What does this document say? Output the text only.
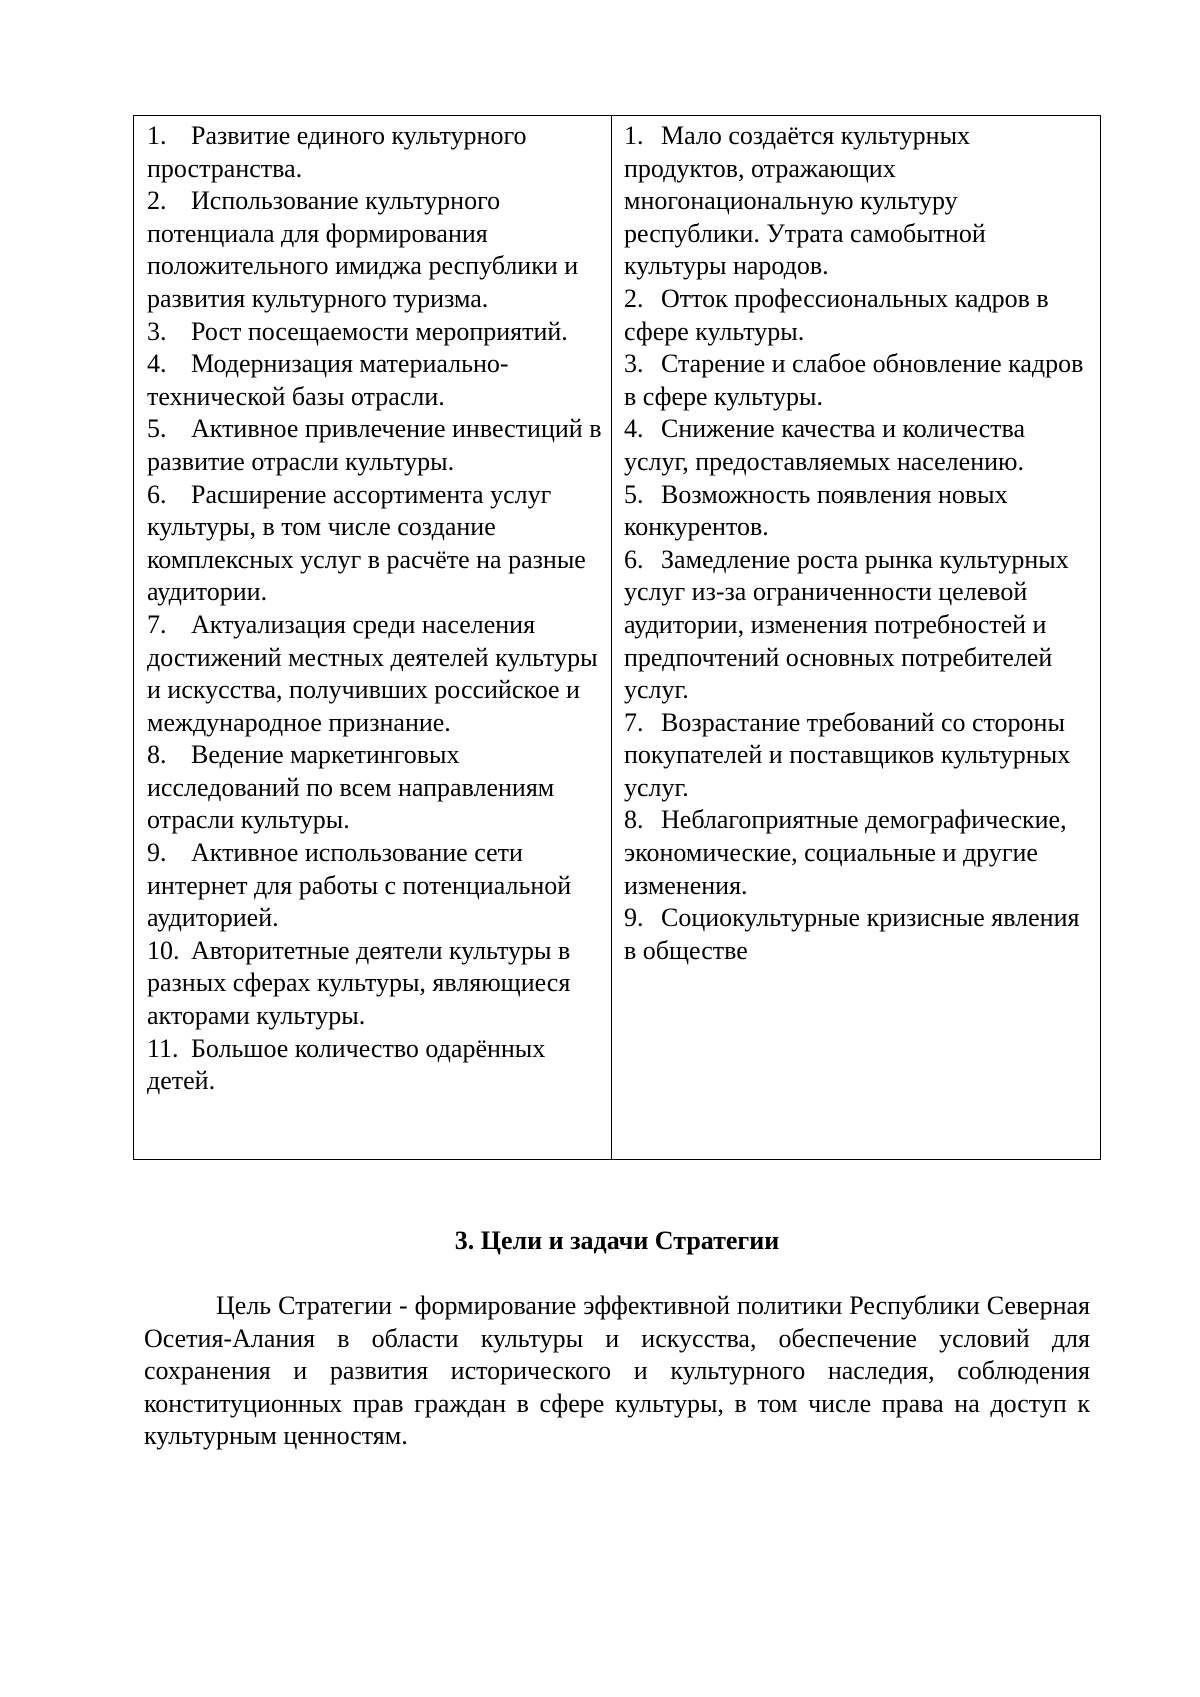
1. Развитие единого культурного пространства.

2. Использование культурного потенциала для формирования положительного имиджа республики и развития культурного туризма.

3. Рост посещаемости мероприятий.

4. Модернизация материально-технической базы отрасли.

5. Активное привлечение инвестиций в развитие отрасли культуры.

6. Расширение ассортимента услуг культуры, в том числе создание комплексных услуг в расчёте на разные аудитории.

7. Актуализация среди населения достижений местных деятелей культуры и искусства, получивших российское и международное признание.

8. Ведение маркетинговых исследований по всем направлениям отрасли культуры.

9. Активное использование сети интернет для работы с потенциальной аудиторией.

10. Авторитетные деятели культуры в разных сферах культуры, являющиеся акторами культуры.

11. Большое количество одарённых детей.

1. Мало создаётся культурных продуктов, отражающих многонациональную культуру республики. Утрата самобытной культуры народов.

2. Отток профессиональных кадров в сфере культуры.

3. Старение и слабое обновление кадров в сфере культуры.

4. Снижение качества и количества услуг, предоставляемых населению.

5. Возможность появления новых конкурентов.

6. Замедление роста рынка культурных услуг из-за ограниченности целевой аудитории, изменения потребностей и предпочтений основных потребителей услуг.

7. Возрастание требований со стороны покупателей и поставщиков культурных услуг.

8. Неблагоприятные демографические, экономические, социальные и другие изменения.

9. Социокультурные кризисные явления в обществе

3. Цели и задачи Стратегии

Цель Стратегии - формирование эффективной политики Республики Северная Осетия-Алания в области культуры и искусства, обеспечение условий для сохранения и развития исторического и культурного наследия, соблюдения конституционных прав граждан в сфере культуры, в том числе права на доступ к культурным ценностям.
